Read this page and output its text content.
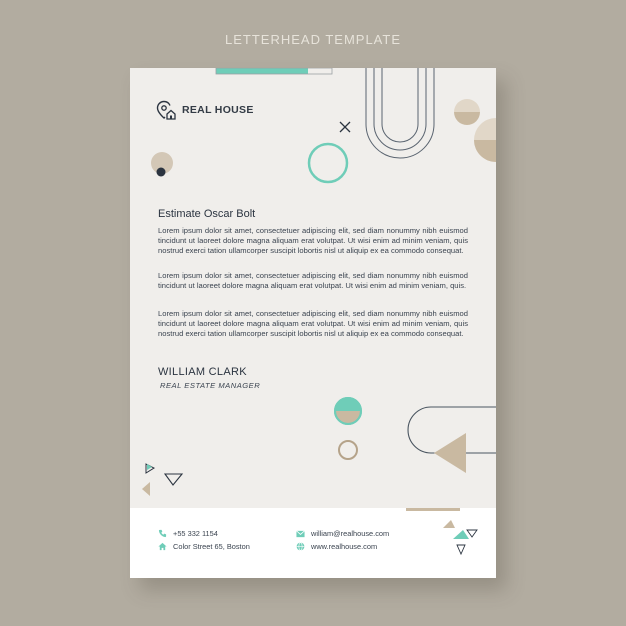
LETTERHEAD TEMPLATE
REAL HOUSE
Estimate Oscar Bolt

Lorem ipsum dolor sit amet, consectetuer adipiscing elit, sed diam nonummy nibh euismod tincidunt ut laoreet dolore magna aliquam erat volutpat. Ut wisi enim ad minim veniam, quis nostrud exerci tation ullamcorper suscipit lobortis nisl ut aliquip ex ea commodo consequat.

Lorem ipsum dolor sit amet, consectetuer adipiscing elit, sed diam nonummy nibh euismod tincidunt ut laoreet dolore magna aliquam erat volutpat. Ut wisi enim ad minim veniam, quis.

Lorem ipsum dolor sit amet, consectetuer adipiscing elit, sed diam nonummy nibh euismod tincidunt ut laoreet dolore magna aliquam erat volutpat. Ut wisi enim ad minim veniam, quis nostrud exerci tation ullamcorper suscipit lobortis nisl ut aliquip ex ea commodo consequat.

WILLIAM CLARK
REAL ESTATE MANAGER
+55 332 1154
Color Street 65, Boston
william@realhouse.com
www.realhouse.com
